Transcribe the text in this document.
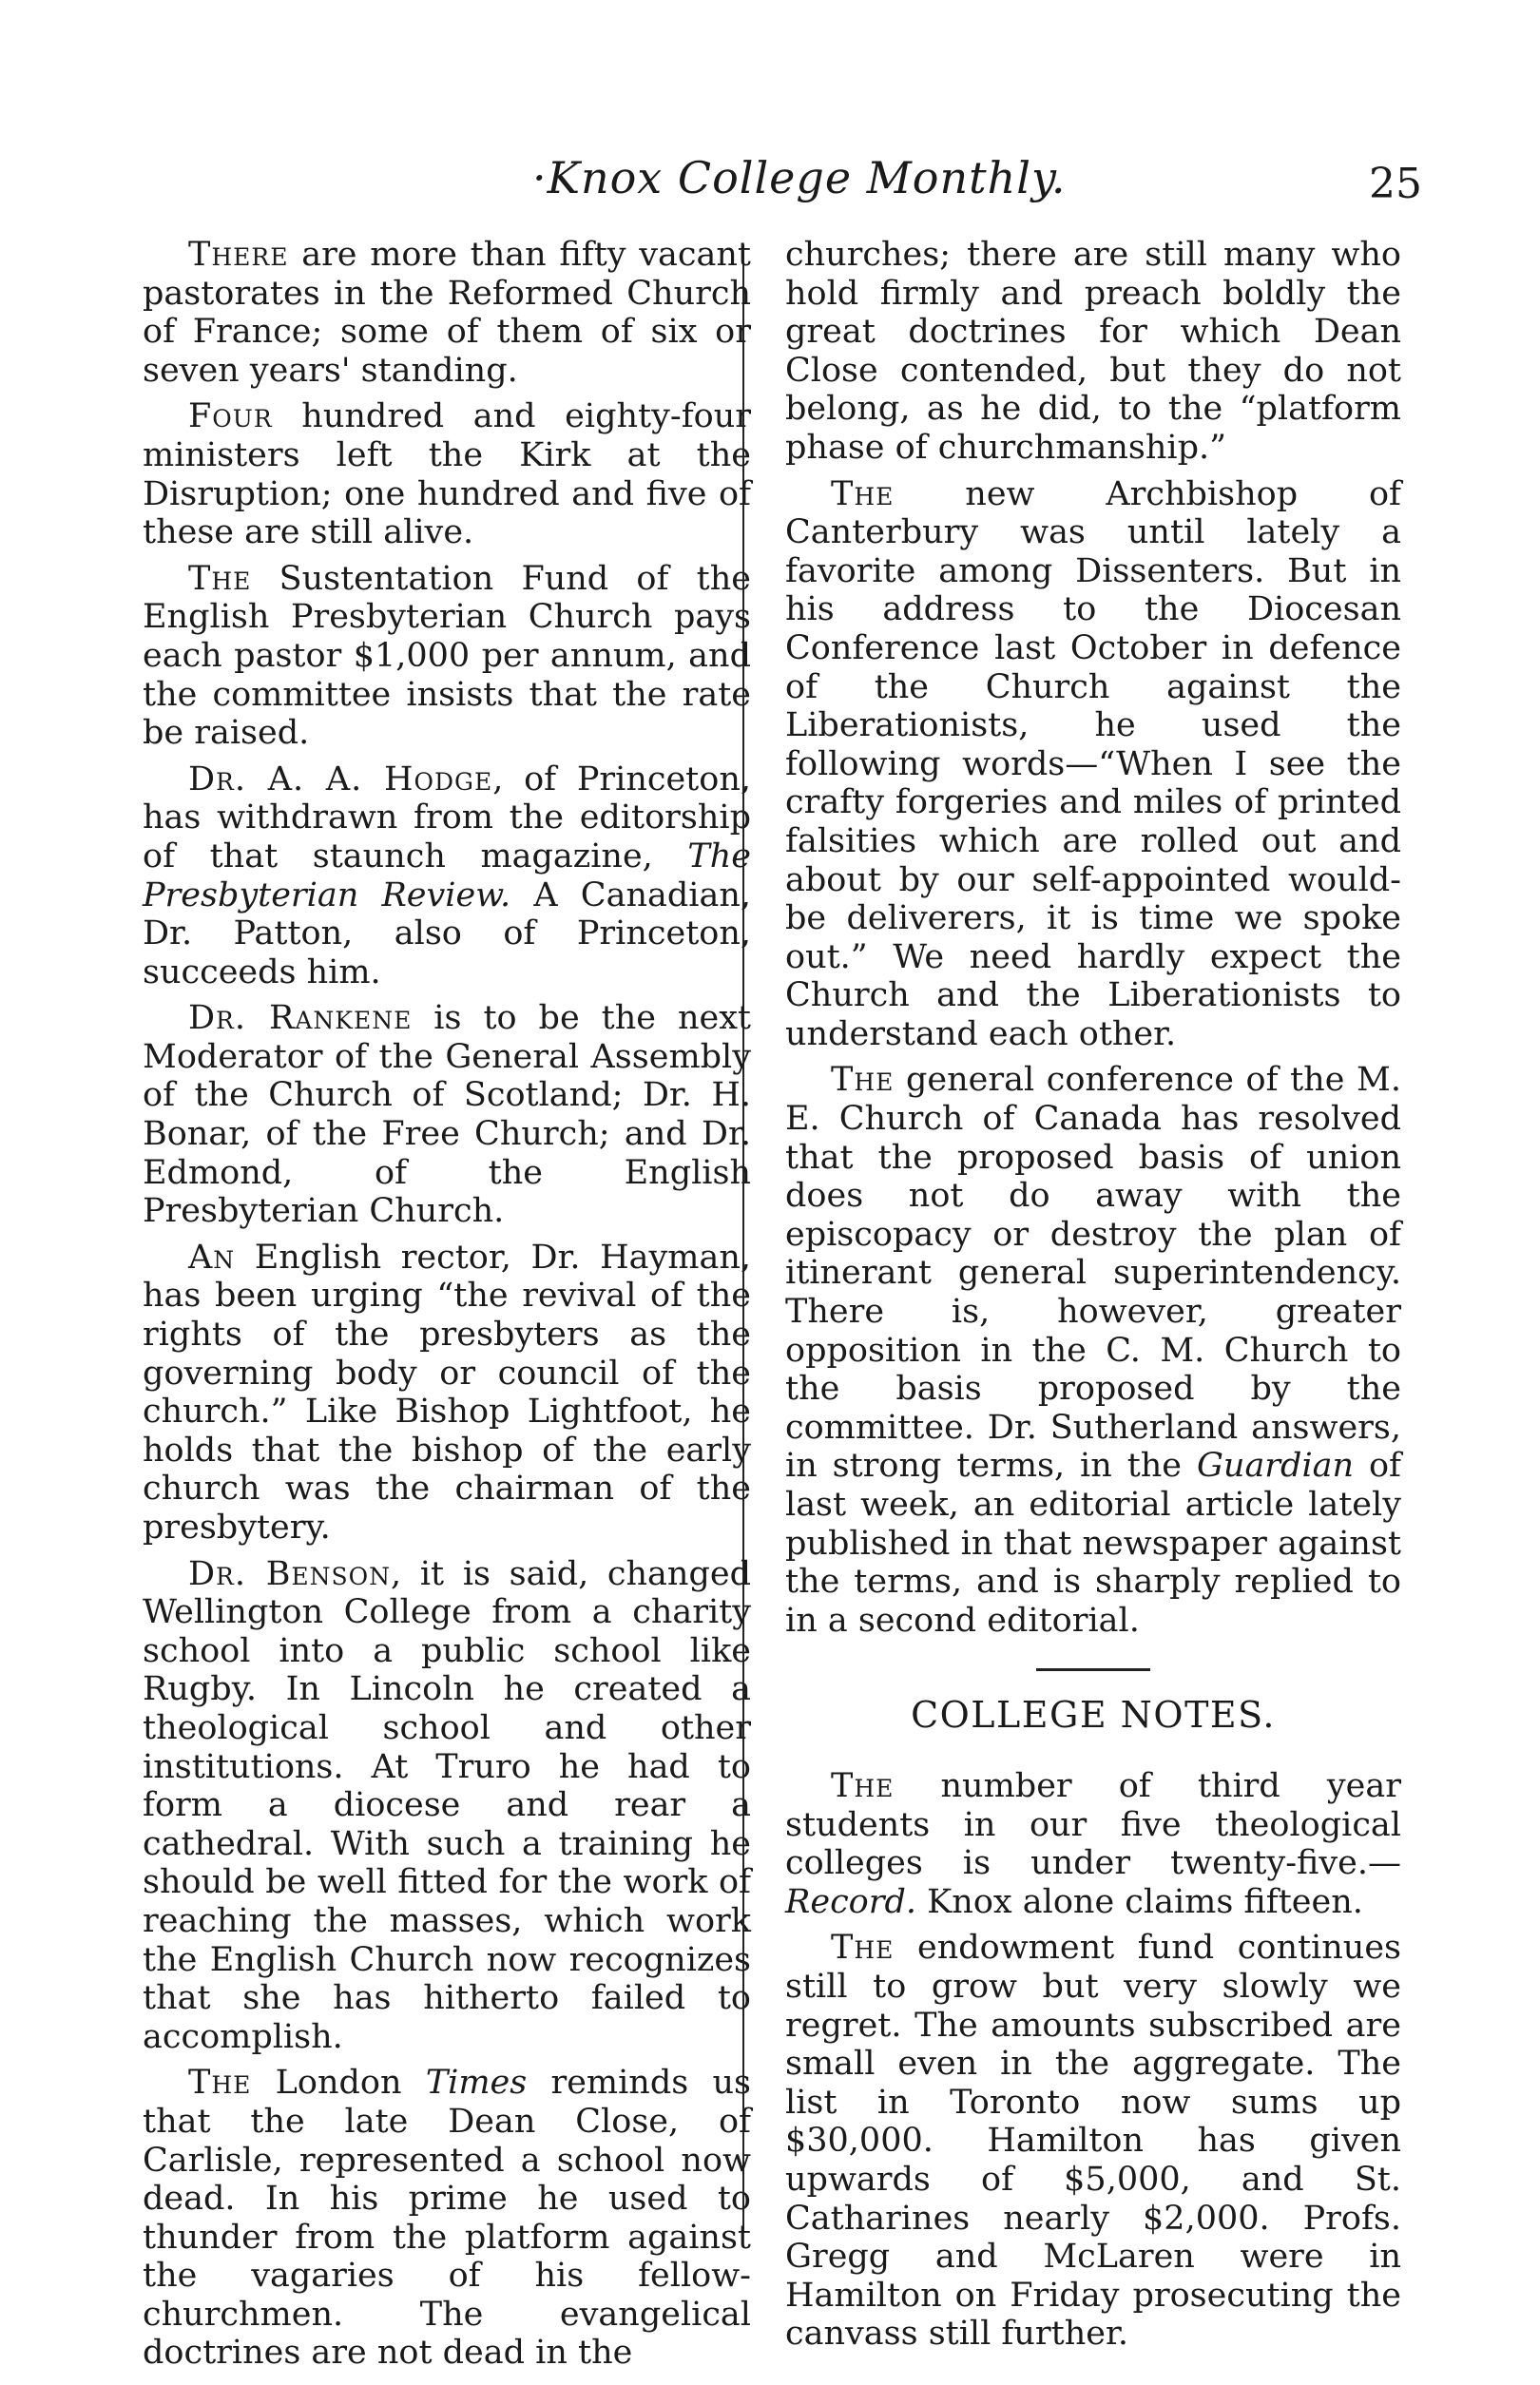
·Knox College Monthly.	25

There are more than fifty vacant pastorates in the Reformed Church of France; some of them of six or seven years' standing.

Four hundred and eighty-four ministers left the Kirk at the Disruption; one hundred and five of these are still alive.

The Sustentation Fund of the English Presbyterian Church pays each pastor $1,000 per annum, and the committee insists that the rate be raised.

Dr. A. A. Hodge, of Princeton, has withdrawn from the editorship of that staunch magazine, The Presbyterian Review. A Canadian, Dr. Patton, also of Princeton, succeeds him.

Dr. Rankene is to be the next Moderator of the General Assembly of the Church of Scotland; Dr. H. Bonar, of the Free Church; and Dr. Edmond, of the English Presbyterian Church.

An English rector, Dr. Hayman, has been urging “the revival of the rights of the presbyters as the governing body or council of the church.” Like Bishop Lightfoot, he holds that the bishop of the early church was the chairman of the presbytery.

Dr. Benson, it is said, changed Wellington College from a charity school into a public school like Rugby. In Lincoln he created a theological school and other institutions. At Truro he had to form a diocese and rear a cathedral. With such a training he should be well fitted for the work of reaching the masses, which work the English Church now recognizes that she has hitherto failed to accomplish.

The London Times reminds us that the late Dean Close, of Carlisle, represented a school now dead. In his prime he used to thunder from the platform against the vagaries of his fellow-churchmen. The evangelical doctrines are not dead in the

churches; there are still many who hold firmly and preach boldly the great doctrines for which Dean Close contended, but they do not belong, as he did, to the “platform phase of churchmanship.”

The new Archbishop of Canterbury was until lately a favorite among Dissenters. But in his address to the Diocesan Conference last October in defence of the Church against the Liberationists, he used the following words—“When I see the crafty forgeries and miles of printed falsities which are rolled out and about by our self-appointed would-be deliverers, it is time we spoke out.” We need hardly expect the Church and the Liberationists to understand each other.

The general conference of the M. E. Church of Canada has resolved that the proposed basis of union does not do away with the episcopacy or destroy the plan of itinerant general superintendency. There is, however, greater opposition in the C. M. Church to the basis proposed by the committee. Dr. Sutherland answers, in strong terms, in the Guardian of last week, an editorial article lately published in that newspaper against the terms, and is sharply replied to in a second editorial.

COLLEGE NOTES.

The number of third year students in our five theological colleges is under twenty-five.—Record. Knox alone claims fifteen.

The endowment fund continues still to grow but very slowly we regret. The amounts subscribed are small even in the aggregate. The list in Toronto now sums up $30,000. Hamilton has given upwards of $5,000, and St. Catharines nearly $2,000. Profs. Gregg and McLaren were in Hamilton on Friday prosecuting the canvass still further.
